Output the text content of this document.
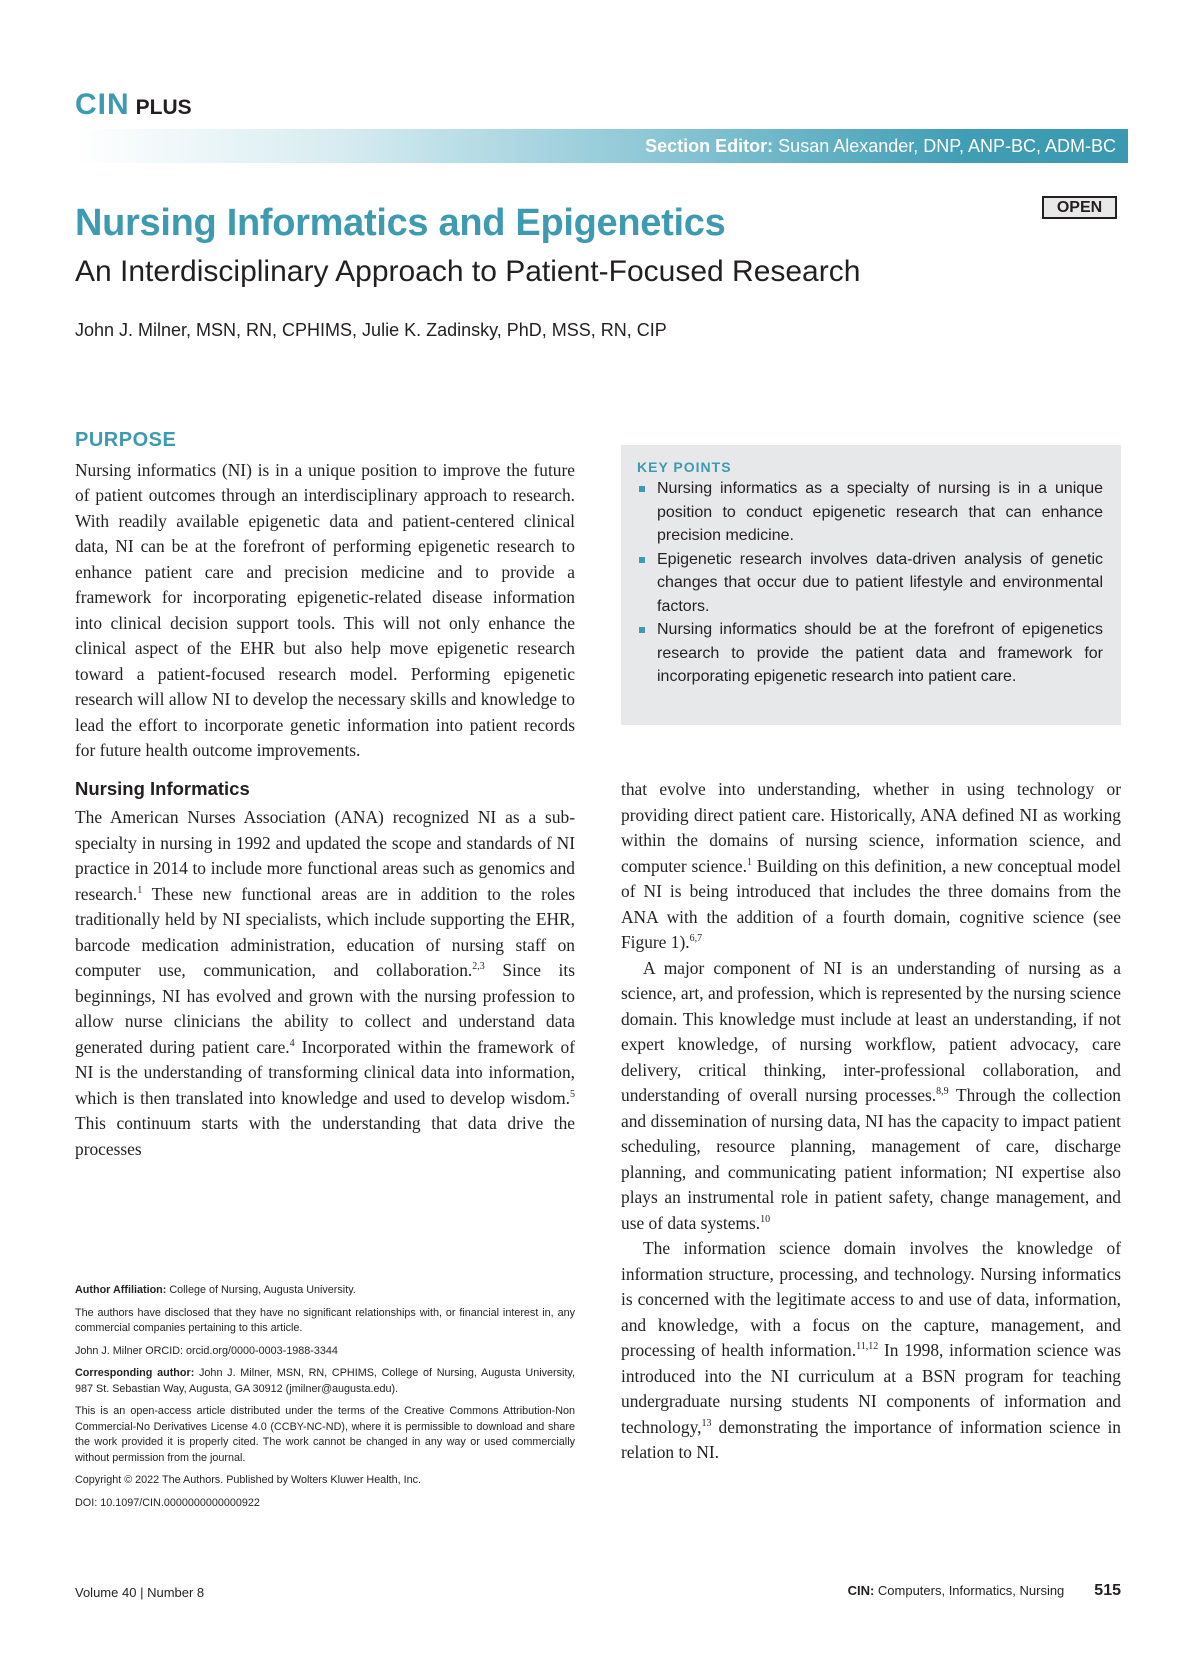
CIN PLUS
Section Editor: Susan Alexander, DNP, ANP-BC, ADM-BC
OPEN
Nursing Informatics and Epigenetics
An Interdisciplinary Approach to Patient-Focused Research
John J. Milner, MSN, RN, CPHIMS, Julie K. Zadinsky, PhD, MSS, RN, CIP
PURPOSE

Nursing informatics (NI) is in a unique position to improve the future of patient outcomes through an interdisciplinary approach to research. With readily available epigenetic data and patient-centered clinical data, NI can be at the forefront of performing epigenetic research to enhance patient care and precision medicine and to provide a framework for incorporating epigenetic-related disease information into clinical decision support tools. This will not only enhance the clinical aspect of the EHR but also help move epigenetic research toward a patient-focused research model. Performing epigenetic research will allow NI to develop the necessary skills and knowledge to lead the effort to incorporate genetic information into patient records for future health outcome improvements.

Nursing Informatics

The American Nurses Association (ANA) recognized NI as a sub-specialty in nursing in 1992 and updated the scope and standards of NI practice in 2014 to include more functional areas such as genomics and research.$^1$ These new functional areas are in addition to the roles traditionally held by NI specialists, which include supporting the EHR, barcode medication administration, education of nursing staff on computer use, communication, and collaboration.$^{2,3}$ Since its beginnings, NI has evolved and grown with the nursing profession to allow nurse clinicians the ability to collect and understand data generated during patient care.$^4$ Incorporated within the framework of NI is the understanding of transforming clinical data into information, which is then translated into knowledge and used to develop wisdom.$^5$ This continuum starts with the understanding that data drive the processes

KEY POINTS
Nursing informatics as a specialty of nursing is in a unique position to conduct epigenetic research that can enhance precision medicine.
Epigenetic research involves data-driven analysis of genetic changes that occur due to patient lifestyle and environmental factors.
Nursing informatics should be at the forefront of epigenetics research to provide the patient data and framework for incorporating epigenetic research into patient care.

that evolve into understanding, whether in using technology or providing direct patient care. Historically, ANA defined NI as working within the domains of nursing science, information science, and computer science.$^1$ Building on this definition, a new conceptual model of NI is being introduced that includes the three domains from the ANA with the addition of a fourth domain, cognitive science (see Figure 1).$^{6,7}$

A major component of NI is an understanding of nursing as a science, art, and profession, which is represented by the nursing science domain. This knowledge must include at least an understanding, if not expert knowledge, of nursing workflow, patient advocacy, care delivery, critical thinking, inter-professional collaboration, and understanding of overall nursing processes.$^{8,9}$ Through the collection and dissemination of nursing data, NI has the capacity to impact patient scheduling, resource planning, management of care, discharge planning, and communicating patient information; NI expertise also plays an instrumental role in patient safety, change management, and use of data systems.$^{10}$

The information science domain involves the knowledge of information structure, processing, and technology. Nursing informatics is concerned with the legitimate access to and use of data, information, and knowledge, with a focus on the capture, management, and processing of health information.$^{11,12}$ In 1998, information science was introduced into the NI curriculum at a BSN program for teaching undergraduate nursing students NI components of information and technology,$^{13}$ demonstrating the importance of information science in relation to NI.

Author Affiliation: College of Nursing, Augusta University.

The authors have disclosed that they have no significant relationships with, or financial interest in, any commercial companies pertaining to this article.

John J. Milner ORCID: orcid.org/0000-0003-1988-3344

Corresponding author: John J. Milner, MSN, RN, CPHIMS, College of Nursing, Augusta University, 987 St. Sebastian Way, Augusta, GA 30912 (jmilner@augusta.edu).

This is an open-access article distributed under the terms of the Creative Commons Attribution-Non Commercial-No Derivatives License 4.0 (CCBY-NC-ND), where it is permissible to download and share the work provided it is properly cited. The work cannot be changed in any way or used commercially without permission from the journal.

Copyright © 2022 The Authors. Published by Wolters Kluwer Health, Inc.

DOI: 10.1097/CIN.0000000000000922

Volume 40 | Number 8	CIN: Computers, Informatics, Nursing 515
